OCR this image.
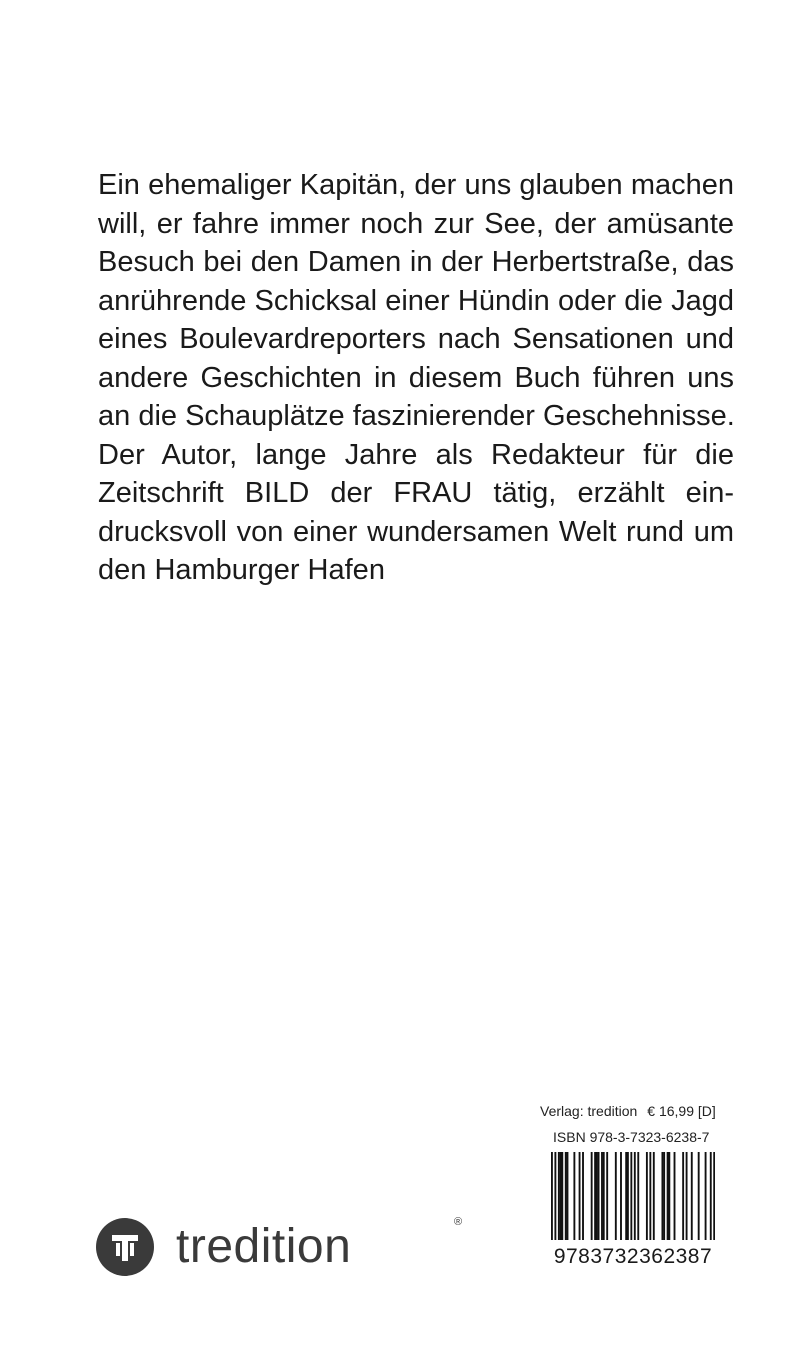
Ein ehemaliger Kapitän, der uns glauben machen
will, er fahre immer noch zur See, der amüsante
Besuch bei den Damen in der Herbertstraße, das
anrührende Schicksal einer Hündin oder die Jagd
eines Boulevardreporters nach Sensationen und
andere Geschichten in diesem Buch führen uns
an die Schauplätze faszinierender Geschehnisse.
Der Autor, lange Jahre als Redakteur für die
Zeitschrift BILD der FRAU tätig, erzählt ein-
drucksvoll von einer wundersamen Welt rund um
den Hamburger Hafen
tredition	®
Verlag: tredition € 16,99 [D]
ISBN 978-3-7323-6238-7
9783732362387
